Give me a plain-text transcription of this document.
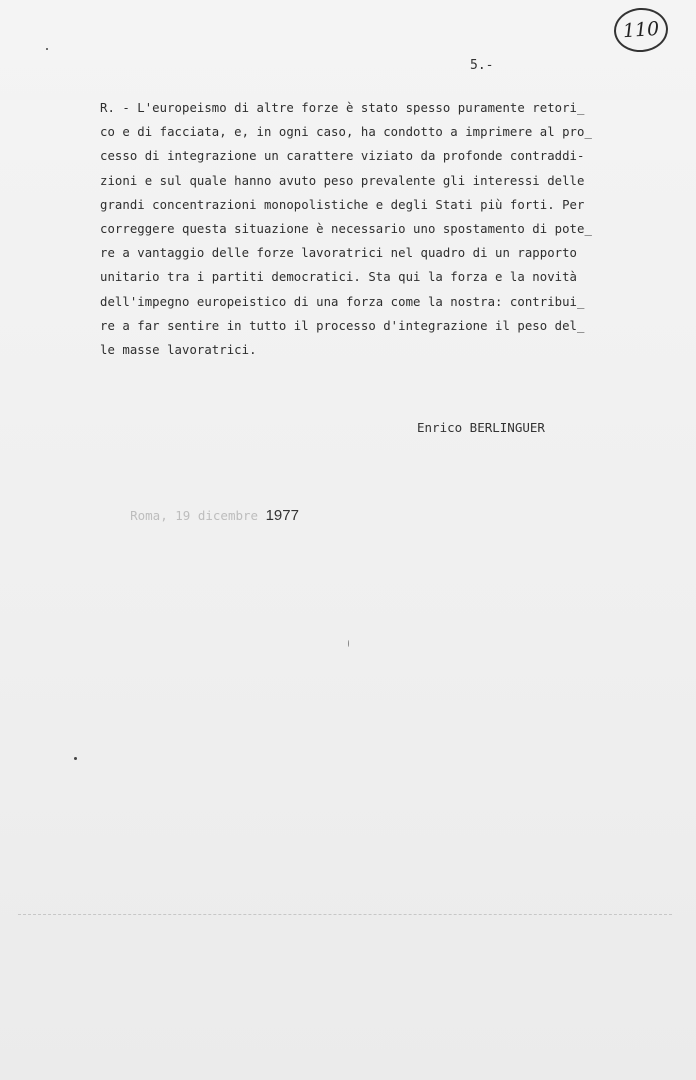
110
5.-
R. - L'europeismo di altre forze è stato spesso puramente retori_
co e di facciata, e, in ogni caso, ha condotto a imprimere al pro_
cesso di integrazione un carattere viziato da profonde contraddi-
zioni e sul quale hanno avuto peso prevalente gli interessi delle
grandi concentrazioni monopolistiche e degli Stati più forti. Per
correggere questa situazione è necessario uno spostamento di pote_
re a vantaggio delle forze lavoratrici nel quadro di un rapporto
unitario tra i partiti democratici. Sta qui la forza e la novità
dell'impegno europeistico di una forza come la nostra: contribui_
re a far sentire in tutto il processo d'integrazione il peso del_
le masse lavoratrici.
Enrico BERLINGUER

Roma, 19 dicembre 1977
